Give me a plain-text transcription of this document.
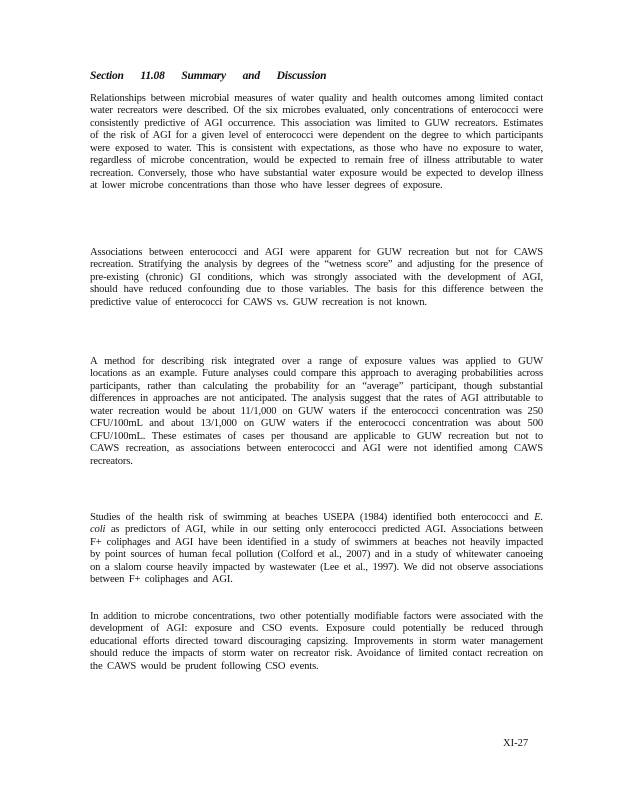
Section 11.08 Summary and Discussion

Relationships between microbial measures of water quality and health outcomes among limited contact water recreators were described. Of the six microbes evaluated, only concentrations of enterococci were consistently predictive of AGI occurrence. This association was limited to GUW recreators. Estimates of the risk of AGI for a given level of enterococci were dependent on the degree to which participants were exposed to water. This is consistent with expectations, as those who have no exposure to water, regardless of microbe concentration, would be expected to remain free of illness attributable to water recreation. Conversely, those who have substantial water exposure would be expected to develop illness at lower microbe concentrations than those who have lesser degrees of exposure.

Associations between enterococci and AGI were apparent for GUW recreation but not for CAWS recreation. Stratifying the analysis by degrees of the “wetness score” and adjusting for the presence of pre-existing (chronic) GI conditions, which was strongly associated with the development of AGI, should have reduced confounding due to those variables. The basis for this difference between the predictive value of enterococci for CAWS vs. GUW recreation is not known.

A method for describing risk integrated over a range of exposure values was applied to GUW locations as an example. Future analyses could compare this approach to averaging probabilities across participants, rather than calculating the probability for an “average” participant, though substantial differences in approaches are not anticipated. The analysis suggest that the rates of AGI attributable to water recreation would be about 11/1,000 on GUW waters if the enterococci concentration was 250 CFU/100mL and about 13/1,000 on GUW waters if the enterococci concentration was about 500 CFU/100mL. These estimates of cases per thousand are applicable to GUW recreation but not to CAWS recreation, as associations between enterococci and AGI were not identified among CAWS recreators.

Studies of the health risk of swimming at beaches USEPA (1984) identified both enterococci and E. coli as predictors of AGI, while in our setting only enterococci predicted AGI. Associations between F+ coliphages and AGI have been identified in a study of swimmers at beaches not heavily impacted by point sources of human fecal pollution (Colford et al., 2007) and in a study of whitewater canoeing on a slalom course heavily impacted by wastewater (Lee et al., 1997). We did not observe associations between F+ coliphages and AGI.

In addition to microbe concentrations, two other potentially modifiable factors were associated with the development of AGI: exposure and CSO events. Exposure could potentially be reduced through educational efforts directed toward discouraging capsizing. Improvements in storm water management should reduce the impacts of storm water on recreator risk. Avoidance of limited contact recreation on the CAWS would be prudent following CSO events.

XI-27
